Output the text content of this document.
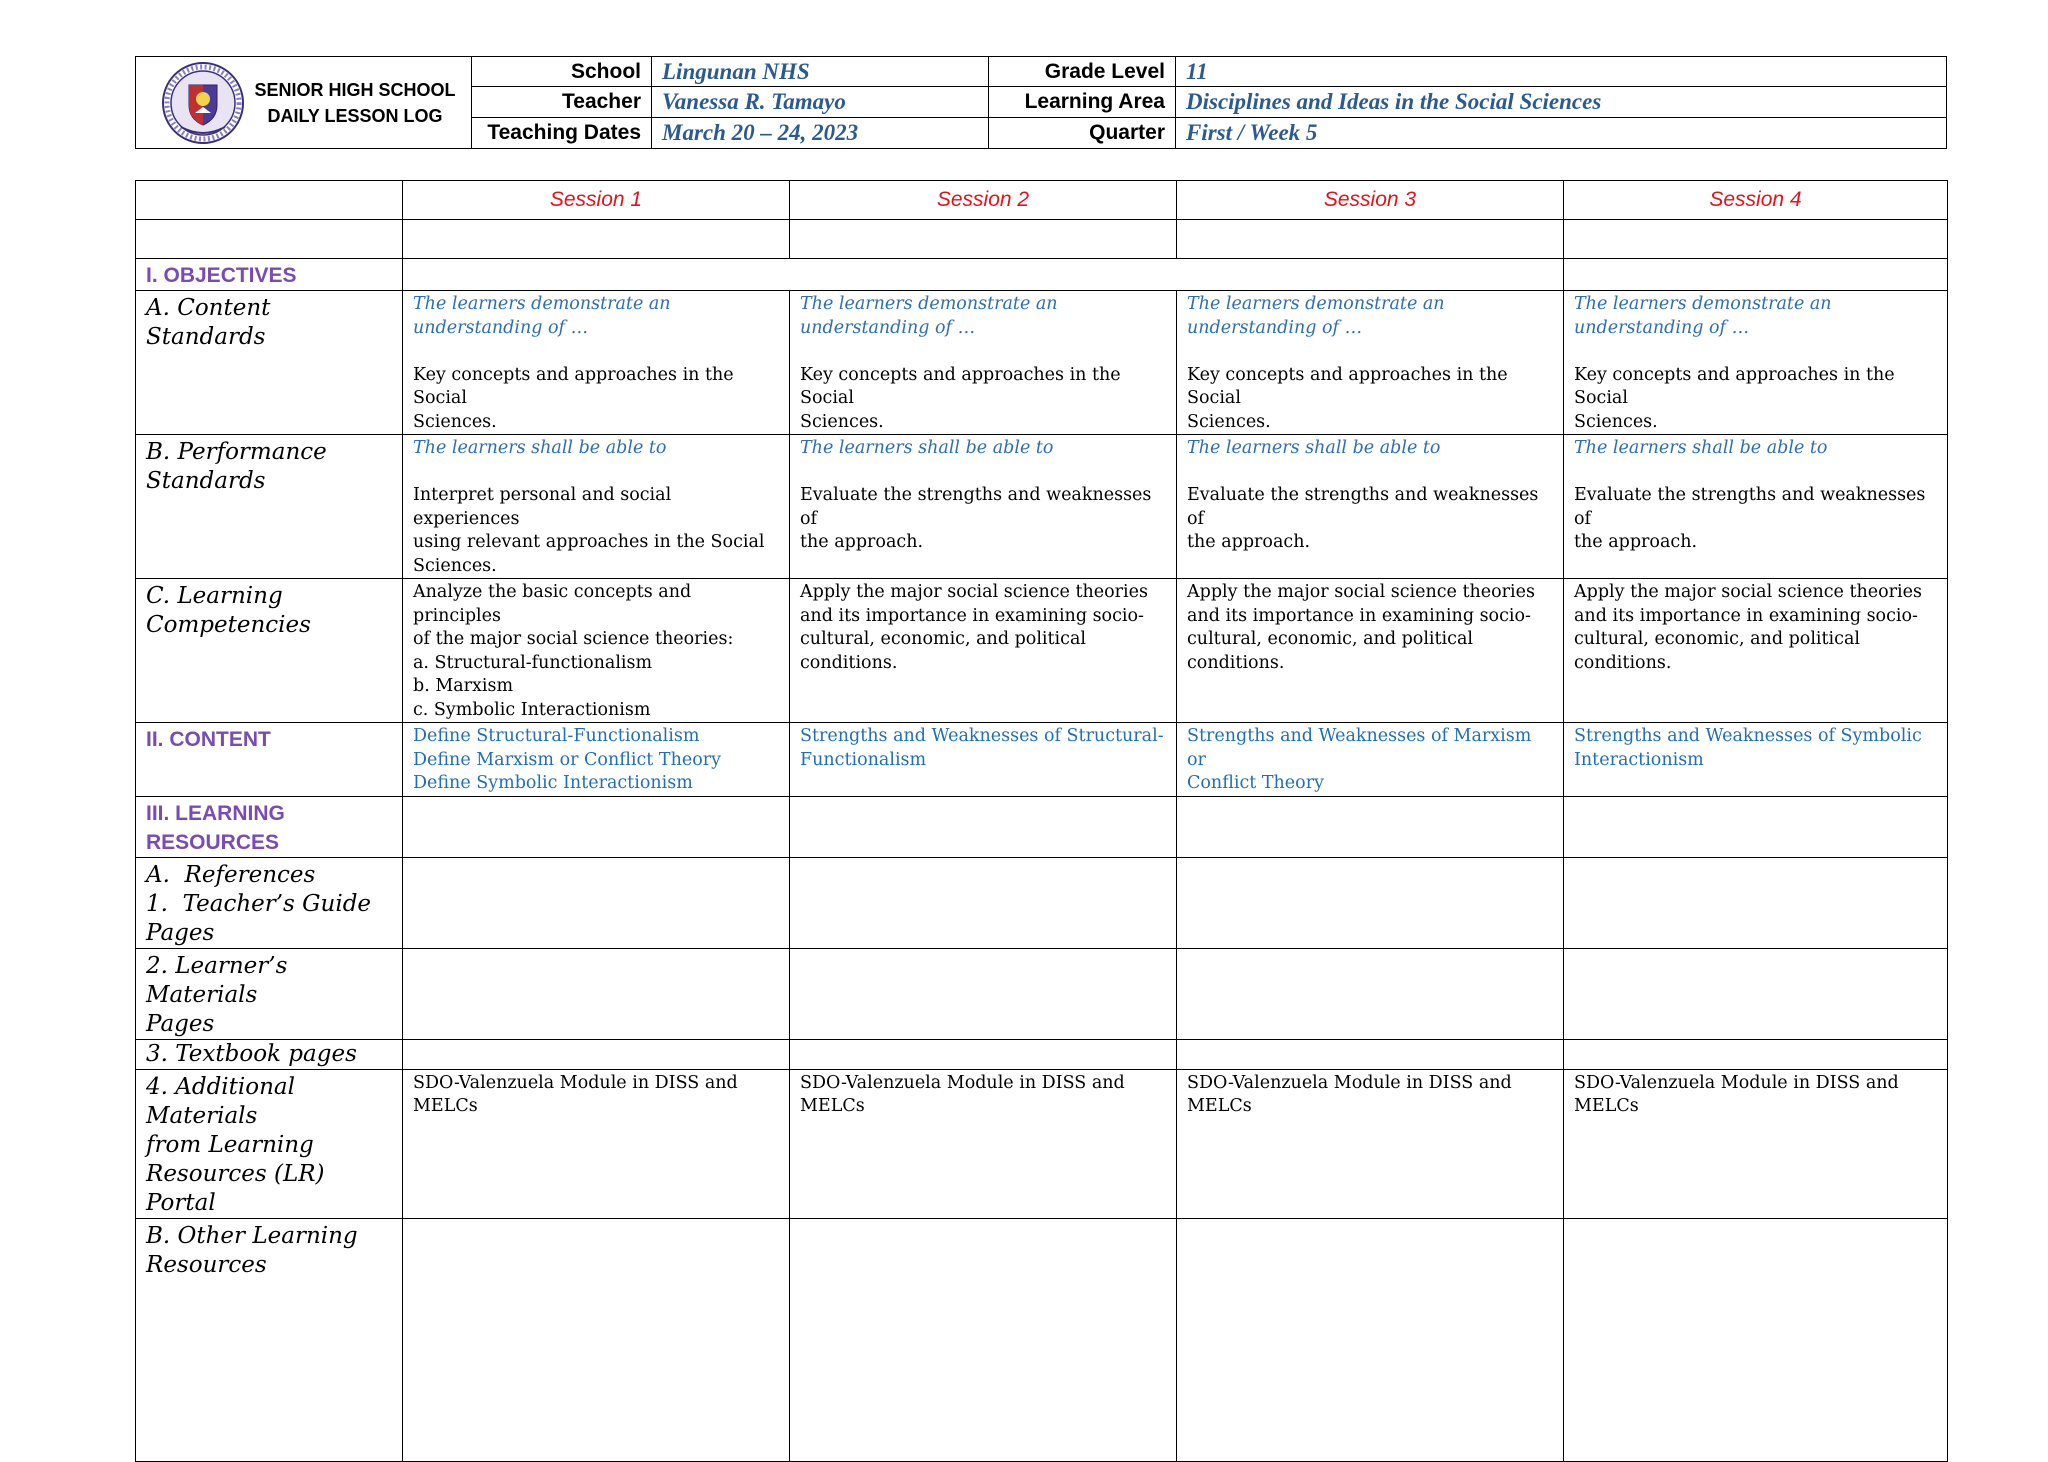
SENIOR HIGH SCHOOL
DAILY LESSON LOG
School Lingunan NHS	Grade Level 11
Teacher Vanessa R. Tamayo	Learning Area Disciplines and Ideas in the Social Sciences
Teaching Dates March 20 – 24, 2023	Quarter First / Week 5
	Session 1	Session 2	Session 3	Session 4

I. OBJECTIVES				
A. Content Standards	The learners demonstrate an
understanding of …
Key concepts and approaches in the Social
Sciences.	The learners demonstrate an
understanding of …
Key concepts and approaches in the Social
Sciences.	The learners demonstrate an
understanding of …
Key concepts and approaches in the Social
Sciences.	The learners demonstrate an
understanding of …
Key concepts and approaches in the Social
Sciences.

B. Performance
Standards	The learners shall be able to
Interpret personal and social experiences
using relevant approaches in the Social
Sciences.	The learners shall be able to
Evaluate the strengths and weaknesses of
the approach.	The learners shall be able to
Evaluate the strengths and weaknesses of
the approach.	The learners shall be able to
Evaluate the strengths and weaknesses of
the approach.

C. Learning
Competencies	Analyze the basic concepts and principles
of the major social science theories:
a. Structural-functionalism
b. Marxism
c. Symbolic Interactionism	Apply the major social science theories
and its importance in examining socio-
cultural, economic, and political
conditions.	Apply the major social science theories
and its importance in examining socio-
cultural, economic, and political
conditions.	Apply the major social science theories
and its importance in examining socio-
cultural, economic, and political
conditions.

II. CONTENT	Define Structural-Functionalism
Define Marxism or Conflict Theory
Define Symbolic Interactionism	Strengths and Weaknesses of Structural-
Functionalism	Strengths and Weaknesses of Marxism or
Conflict Theory	Strengths and Weaknesses of Symbolic
Interactionism

III. LEARNING
RESOURCES				

A.  References
1.  Teacher’s Guide
Pages				

2. Learner’s Materials
Pages				

3. Textbook pages				

4. Additional Materials
from Learning
Resources (LR) Portal	SDO-Valenzuela Module in DISS and
MELCs	SDO-Valenzuela Module in DISS and
MELCs	SDO-Valenzuela Module in DISS and
MELCs	SDO-Valenzuela Module in DISS and
MELCs

B. Other Learning
Resources				
